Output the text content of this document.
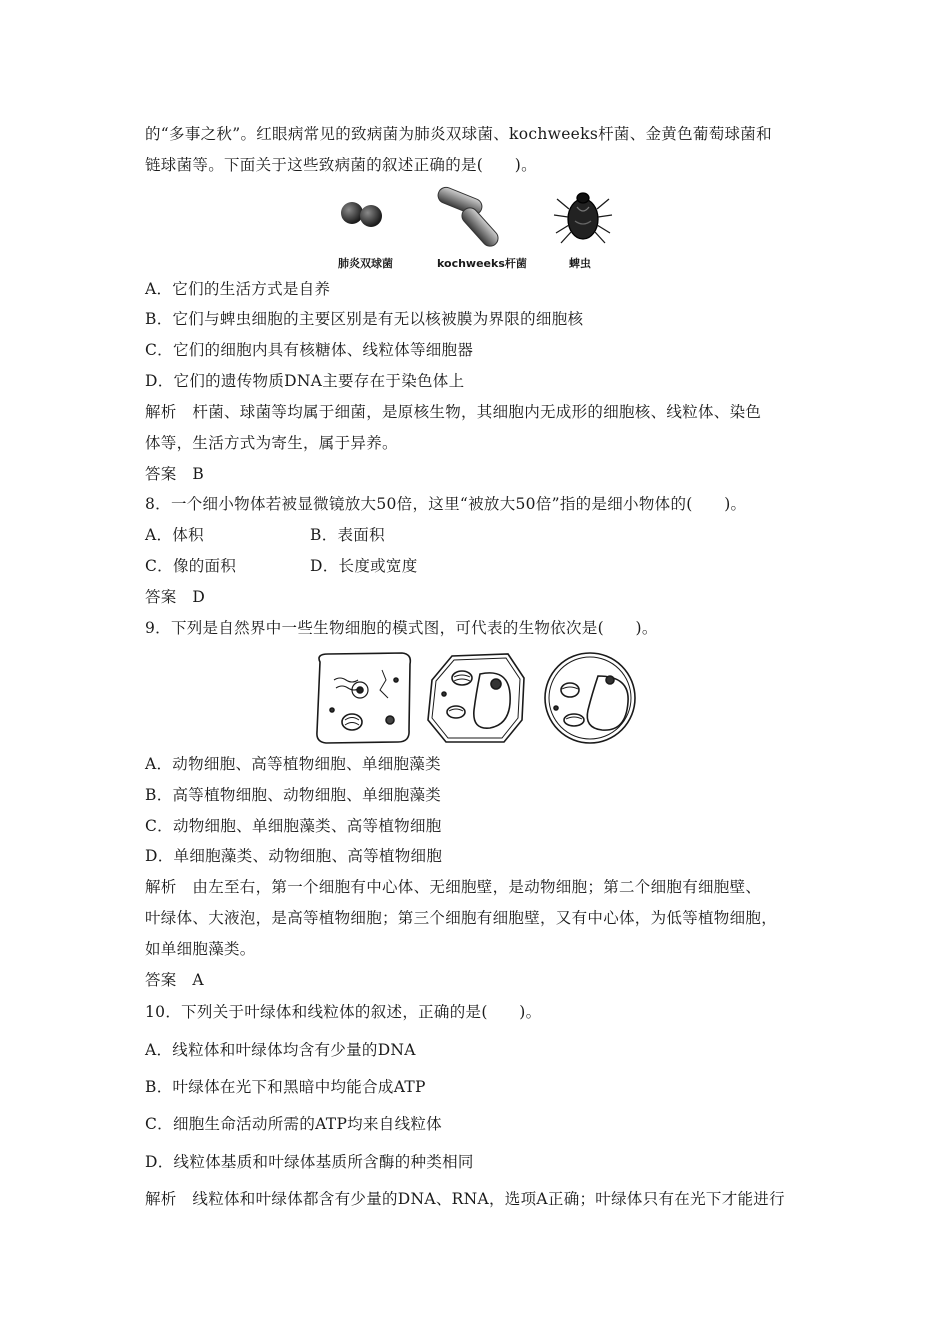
的“多事之秋”。红眼病常见的致病菌为肺炎双球菌、kochweeks杆菌、金黄色葡萄球菌和
链球菌等。下面关于这些致病菌的叙述正确的是(　　)。
肺炎双球菌	kochweeks杆菌	蜱虫
A．它们的生活方式是自养
B．它们与蜱虫细胞的主要区别是有无以核被膜为界限的细胞核
C．它们的细胞内具有核糖体、线粒体等细胞器
D．它们的遗传物质DNA主要存在于染色体上
解析　杆菌、球菌等均属于细菌，是原核生物，其细胞内无成形的细胞核、线粒体、染色
体等，生活方式为寄生，属于异养。
答案　B
8．一个细小物体若被显微镜放大50倍，这里“被放大50倍”指的是细小物体的(　　)。
A．体积	B．表面积
C．像的面积	D．长度或宽度
答案　D
9．下列是自然界中一些生物细胞的模式图，可代表的生物依次是(　　)。
A．动物细胞、高等植物细胞、单细胞藻类
B．高等植物细胞、动物细胞、单细胞藻类
C．动物细胞、单细胞藻类、高等植物细胞
D．单细胞藻类、动物细胞、高等植物细胞
解析　由左至右，第一个细胞有中心体、无细胞壁，是动物细胞；第二个细胞有细胞壁、
叶绿体、大液泡，是高等植物细胞；第三个细胞有细胞壁，又有中心体，为低等植物细胞，
如单细胞藻类。
答案　A
10．下列关于叶绿体和线粒体的叙述，正确的是(　　)。
A．线粒体和叶绿体均含有少量的DNA
B．叶绿体在光下和黑暗中均能合成ATP
C．细胞生命活动所需的ATP均来自线粒体
D．线粒体基质和叶绿体基质所含酶的种类相同
解析　线粒体和叶绿体都含有少量的DNA、RNA，选项A正确；叶绿体只有在光下才能进行
